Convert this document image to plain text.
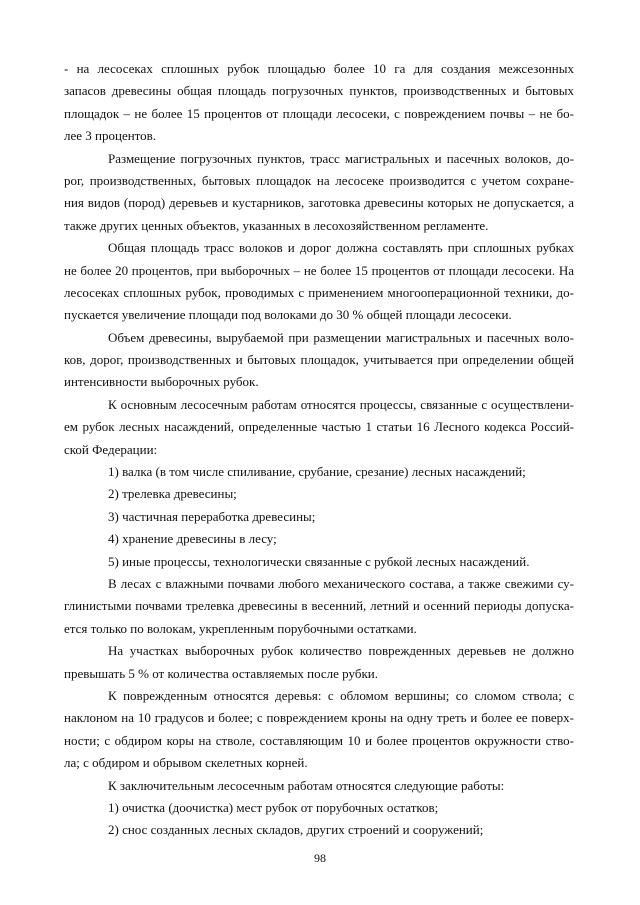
- на лесосеках сплошных рубок площадью более 10 га для создания межсезонных
запасов древесины общая площадь погрузочных пунктов, производственных и бытовых
площадок – не более 15 процентов от площади лесосеки, с повреждением почвы – не бо-
лее 3 процентов.
Размещение погрузочных пунктов, трасс магистральных и пасечных волоков, до-
рог, производственных, бытовых площадок на лесосеке производится с учетом сохране-
ния видов (пород) деревьев и кустарников, заготовка древесины которых не допускается, а
также других ценных объектов, указанных в лесохозяйственном регламенте.
Общая площадь трасс волоков и дорог должна составлять при сплошных рубках
не более 20 процентов, при выборочных – не более 15 процентов от площади лесосеки. На
лесосеках сплошных рубок, проводимых с применением многооперационной техники, до-
пускается увеличение площади под волоками до 30 % общей площади лесосеки.
Объем древесины, вырубаемой при размещении магистральных и пасечных воло-
ков, дорог, производственных и бытовых площадок, учитывается при определении общей
интенсивности выборочных рубок.
К основным лесосечным работам относятся процессы, связанные с осуществлени-
ем рубок лесных насаждений, определенные частью 1 статьи 16 Лесного кодекса Россий-
ской Федерации:
1) валка (в том числе спиливание, срубание, срезание) лесных насаждений;
2) трелевка древесины;
3) частичная переработка древесины;
4) хранение древесины в лесу;
5) иные процессы, технологически связанные с рубкой лесных насаждений.
В лесах с влажными почвами любого механического состава, а также свежими су-
глинистыми почвами трелевка древесины в весенний, летний и осенний периоды допуска-
ется только по волокам, укрепленным порубочными остатками.
На участках выборочных рубок количество поврежденных деревьев не должно
превышать 5 % от количества оставляемых после рубки.
К поврежденным относятся деревья: с обломом вершины; со сломом ствола; с
наклоном на 10 градусов и более; с повреждением кроны на одну треть и более ее поверх-
ности; с обдиром коры на стволе, составляющим 10 и более процентов окружности ство-
ла; с обдиром и обрывом скелетных корней.
К заключительным лесосечным работам относятся следующие работы:
1) очистка (доочистка) мест рубок от порубочных остатков;
2) снос созданных лесных складов, других строений и сооружений;
98
